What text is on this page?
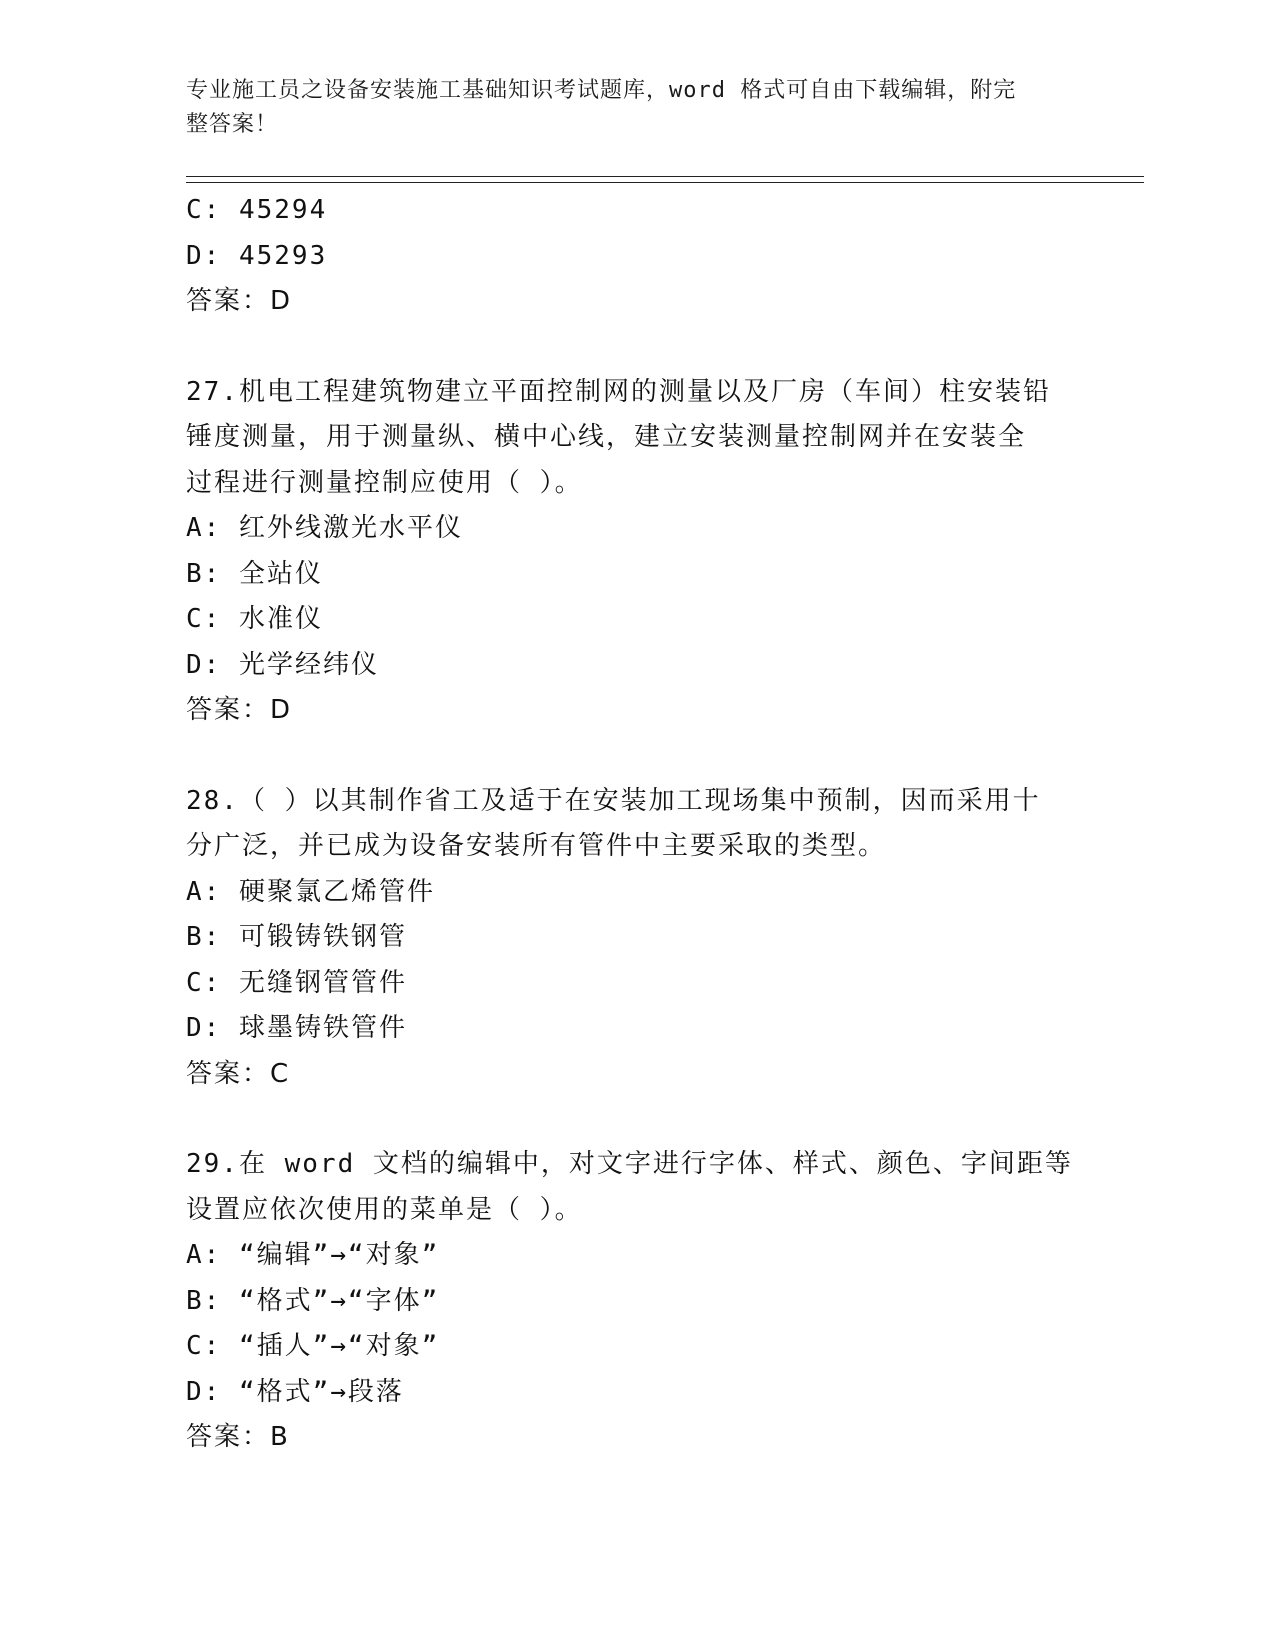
专业施工员之设备安装施工基础知识考试题库，word 格式可自由下载编辑，附完
整答案！
C: 45294
D: 45293
答案：D
27.机电工程建筑物建立平面控制网的测量以及厂房（车间）柱安装铅
锤度测量，用于测量纵、横中心线，建立安装测量控制网并在安装全
过程进行测量控制应使用（ ）。
A: 红外线激光水平仪
B: 全站仪
C: 水准仪
D: 光学经纬仪
答案：D
28.（ ）以其制作省工及适于在安装加工现场集中预制，因而采用十
分广泛，并已成为设备安装所有管件中主要采取的类型。
A: 硬聚氯乙烯管件
B: 可锻铸铁钢管
C: 无缝钢管管件
D: 球墨铸铁管件
答案：C
29.在 word 文档的编辑中，对文字进行字体、样式、颜色、字间距等
设置应依次使用的菜单是（ ）。
A: “编辑”→“对象”
B: “格式”→“字体”
C: “插人”→“对象”
D: “格式”→段落
答案：B
